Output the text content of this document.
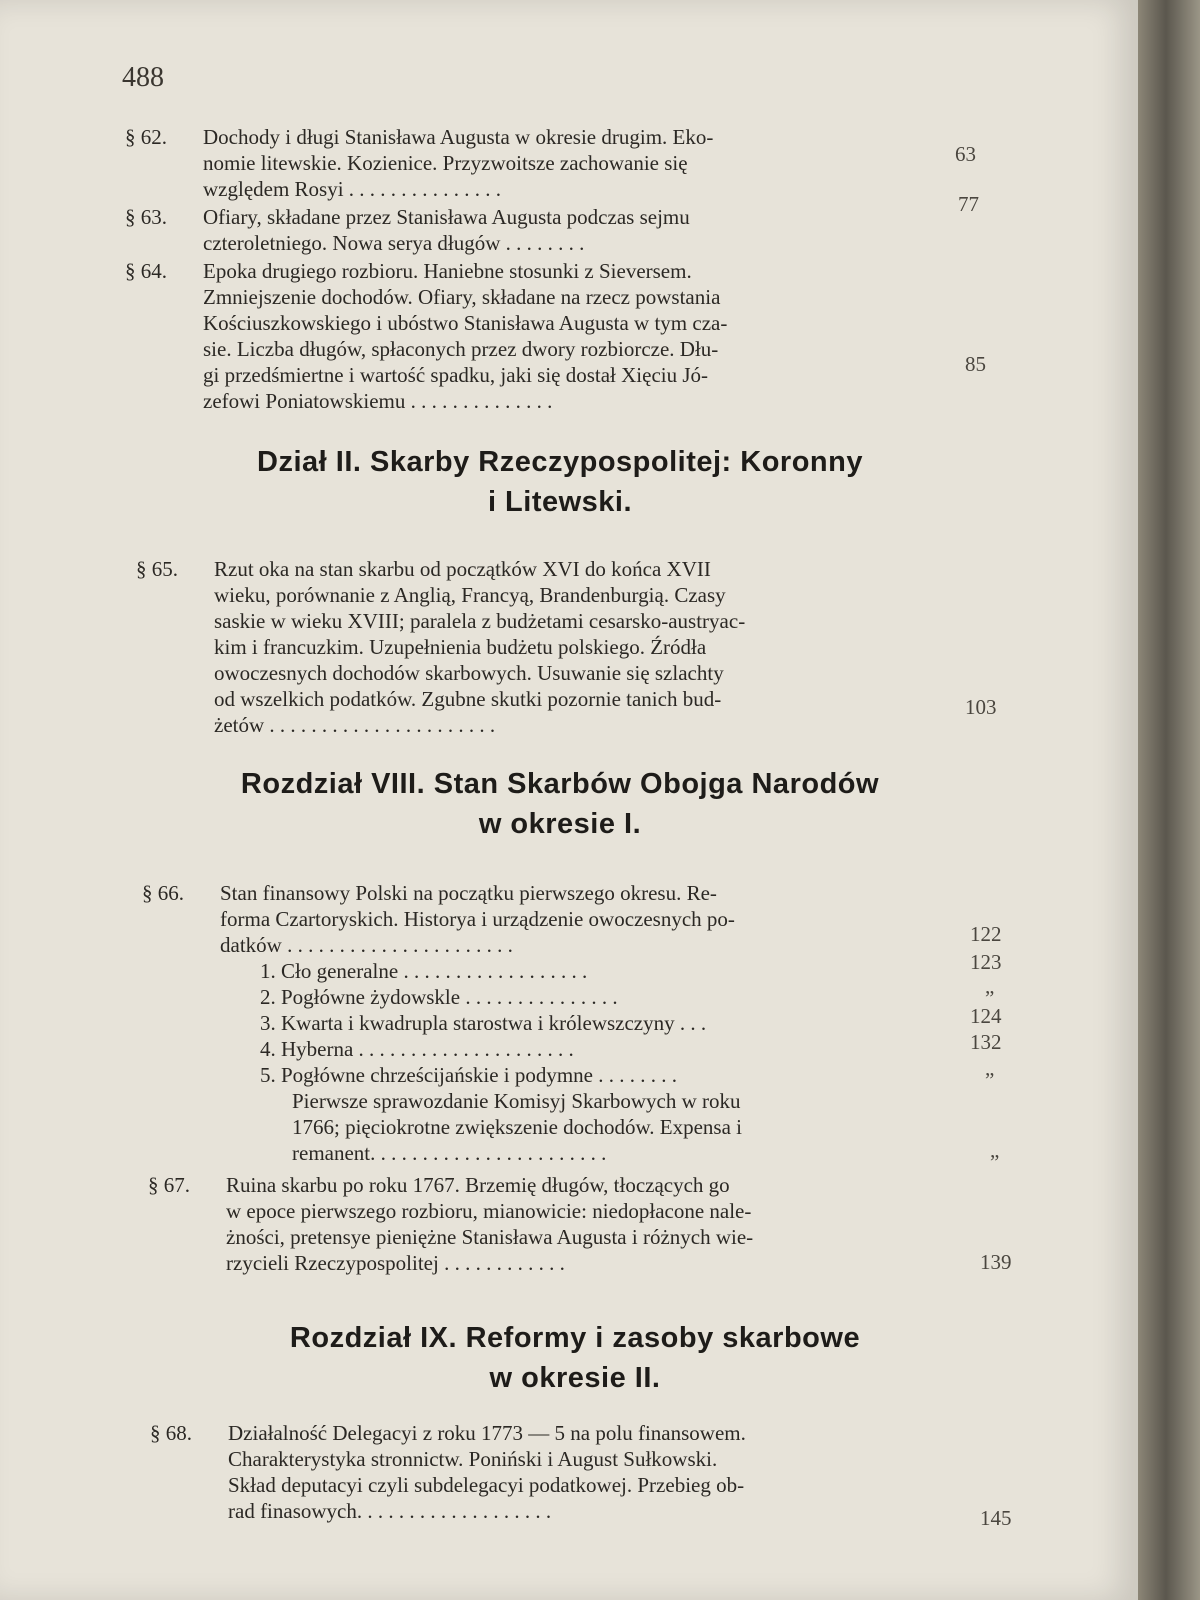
488
§ 62.	Dochody i długi Stanisława Augusta w okresie drugim. Eko-
nomie litewskie. Kozienice. Przyzwoitsze zachowanie się
względem Rosyi . . . . . . . . . . . . . . .
63
§ 63.	Ofiary, składane przez Stanisława Augusta podczas sejmu
czteroletniego. Nowa serya długów . . . . . . . .
77
§ 64.	Epoka drugiego rozbioru. Haniebne stosunki z Sieversem.
Zmniejszenie dochodów. Ofiary, składane na rzecz powstania
Kościuszkowskiego i ubóstwo Stanisława Augusta w tym cza-
sie. Liczba długów, spłaconych przez dwory rozbiorcze. Dłu-
gi przedśmiertne i wartość spadku, jaki się dostał Xięciu Jó-
zefowi Poniatowskiemu . . . . . . . . . . . . . .
85
Dział II. Skarby Rzeczypospolitej: Koronny
i Litewski.
§ 65.	Rzut oka na stan skarbu od początków XVI do końca XVII
wieku, porównanie z Anglią, Francyą, Brandenburgią. Czasy
saskie w wieku XVIII; paralela z budżetami cesarsko-austryac-
kim i francuzkim. Uzupełnienia budżetu polskiego. Źródła
owoczesnych dochodów skarbowych. Usuwanie się szlachty
od wszelkich podatków. Zgubne skutki pozornie tanich bud-
żetów . . . . . . . . . . . . . . . . . . . . . .
103
Rozdział VIII. Stan Skarbów Obojga Narodów
w okresie I.
§ 66.	Stan finansowy Polski na początku pierwszego okresu. Re-
forma Czartoryskich. Historya i urządzenie owoczesnych po-
datków . . . . . . . . . . . . . . . . . . . . . .	122
1. Cło generalne . . . . . . . . . . . . . . . . . .	123
2. Pogłówne żydowskle . . . . . . . . . . . . . . .	”
3. Kwarta i kwadrupla starostwa i królewszczyny . . .	124
4. Hyberna . . . . . . . . . . . . . . . . . . . . .	132
5. Pogłówne chrześcijańskie i podymne . . . . . . . .	”
Pierwsze sprawozdanie Komisyj Skarbowych w roku
1766; pięciokrotne zwiększenie dochodów. Expensa i
remanent. . . . . . . . . . . . . . . . . . . . . . .	”
§ 67.	Ruina skarbu po roku 1767. Brzemię długów, tłoczących go
w epoce pierwszego rozbioru, mianowicie: niedopłacone nale-
żności, pretensye pieniężne Stanisława Augusta i różnych wie-
rzycieli Rzeczypospolitej . . . . . . . . . . . .	139
Rozdział IX. Reformy i zasoby skarbowe
w okresie II.
§ 68.	Działalność Delegacyi z roku 1773 — 5 na polu finansowem.
Charakterystyka stronnictw. Poniński i August Sułkowski.
Skład deputacyi czyli subdelegacyi podatkowej. Przebieg ob-
rad finasowych. . . . . . . . . . . . . . . . . . .	145
